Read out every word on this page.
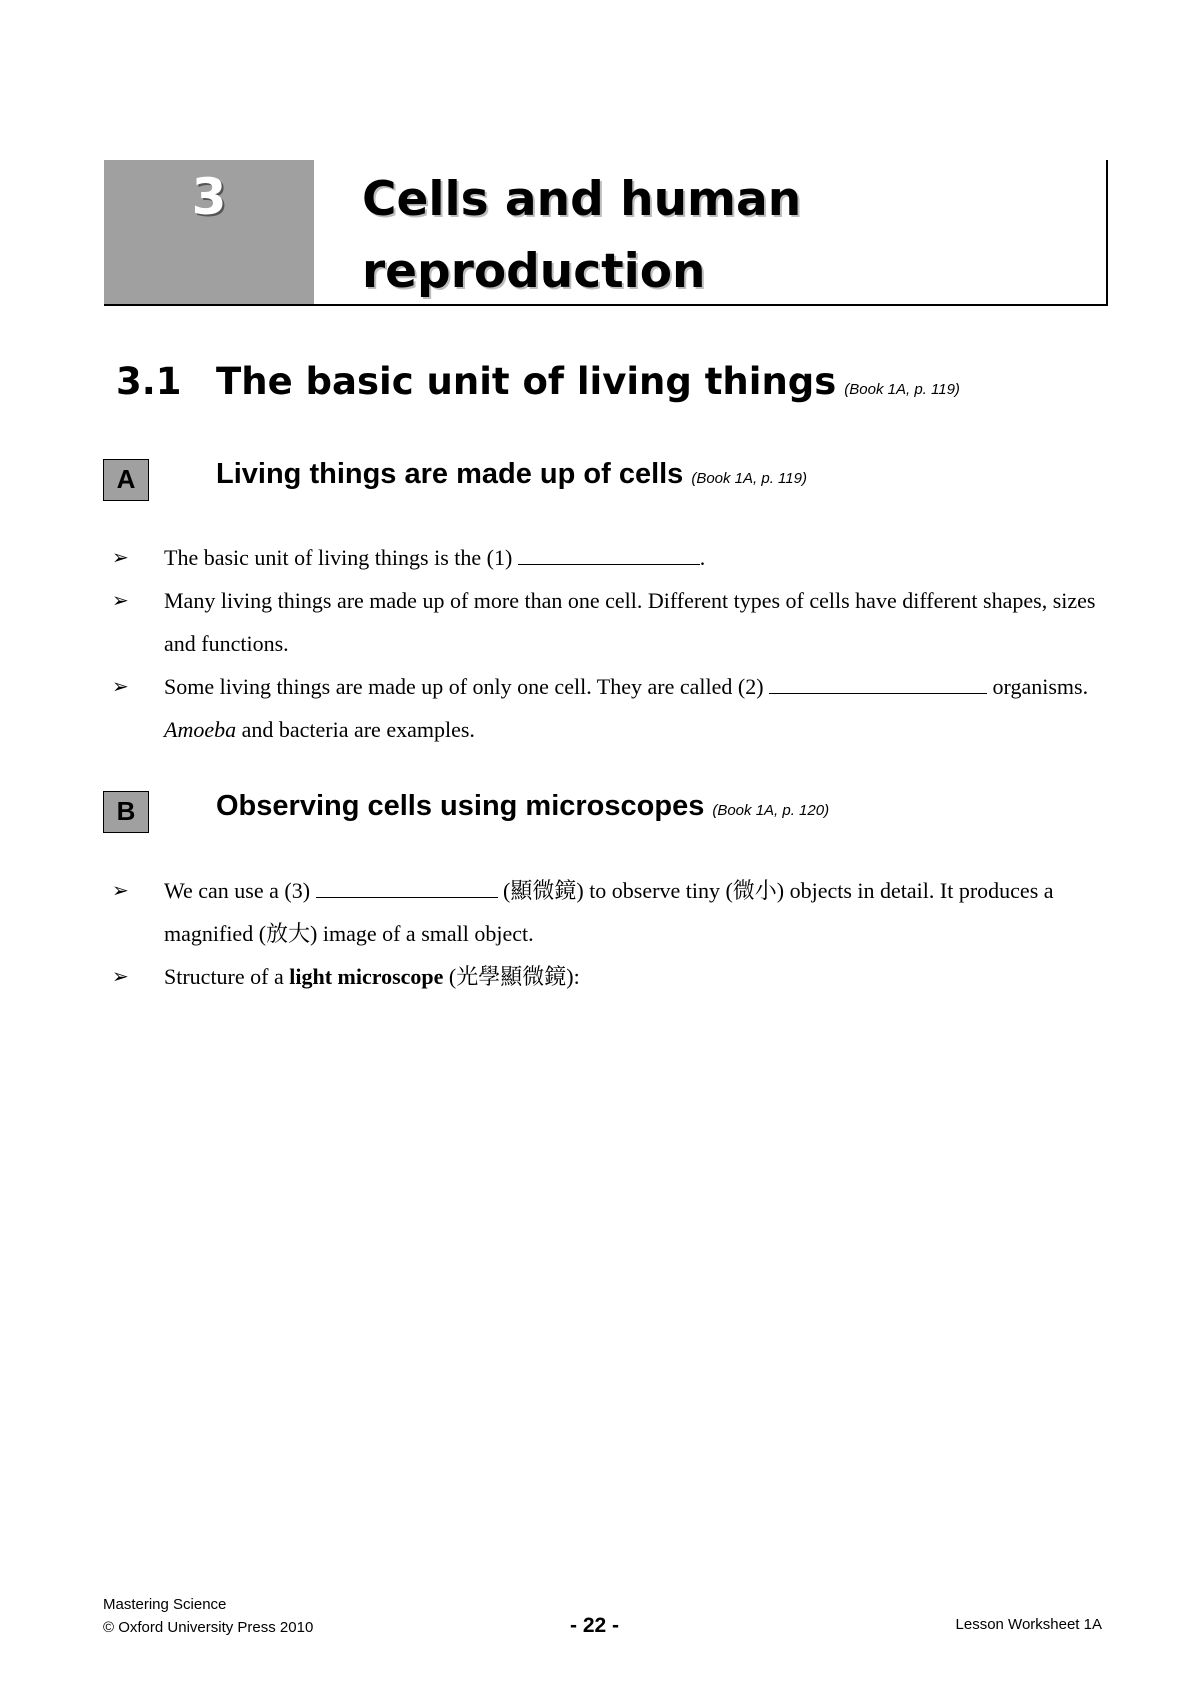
3	Cells and human
reproduction
3.1 The basic unit of living things (Book 1A, p. 119)
A	Living things are made up of cells (Book 1A, p. 119)
➢ The basic unit of living things is the (1)	.
➢ Many living things are made up of more than one cell. Different types of cells have different shapes, sizes and functions.
➢ Some living things are made up of only one cell. They are called (2)	organisms. Amoeba and bacteria are examples.
B	Observing cells using microscopes (Book 1A, p. 120)
➢ We can use a (3)	(顯微鏡) to observe tiny (微小) objects in detail. It produces a magnified (放大) image of a small object.
➢ Structure of a light microscope (光學顯微鏡):
Mastering Science
© Oxford University Press 2010	- 22 -	Lesson Worksheet 1A
